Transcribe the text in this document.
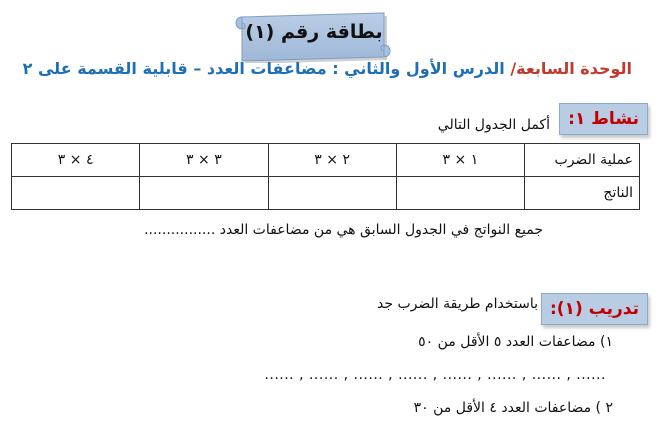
بطاقة رقم (١)
الوحدة السابعة/ الدرس الأول والثاني : مضاعفات العدد – قابلية القسمة على ٢
نشاط ١:
أكمل الجدول التالي
عملية الضرب	١ × ٣	٢ × ٣	٣ × ٣	٤ × ٣
الناتج				
جميع النواتج في الجدول السابق هي من مضاعفات العدد ................
تدريب (١):
باستخدام طريقة الضرب جد
١) مضاعفات العدد ٥ الأقل من ٥٠
...... , ...... , ...... , ...... , ...... , ...... , ...... , ......
٢ ) مضاعفات العدد ٤ الأقل من ٣٠
